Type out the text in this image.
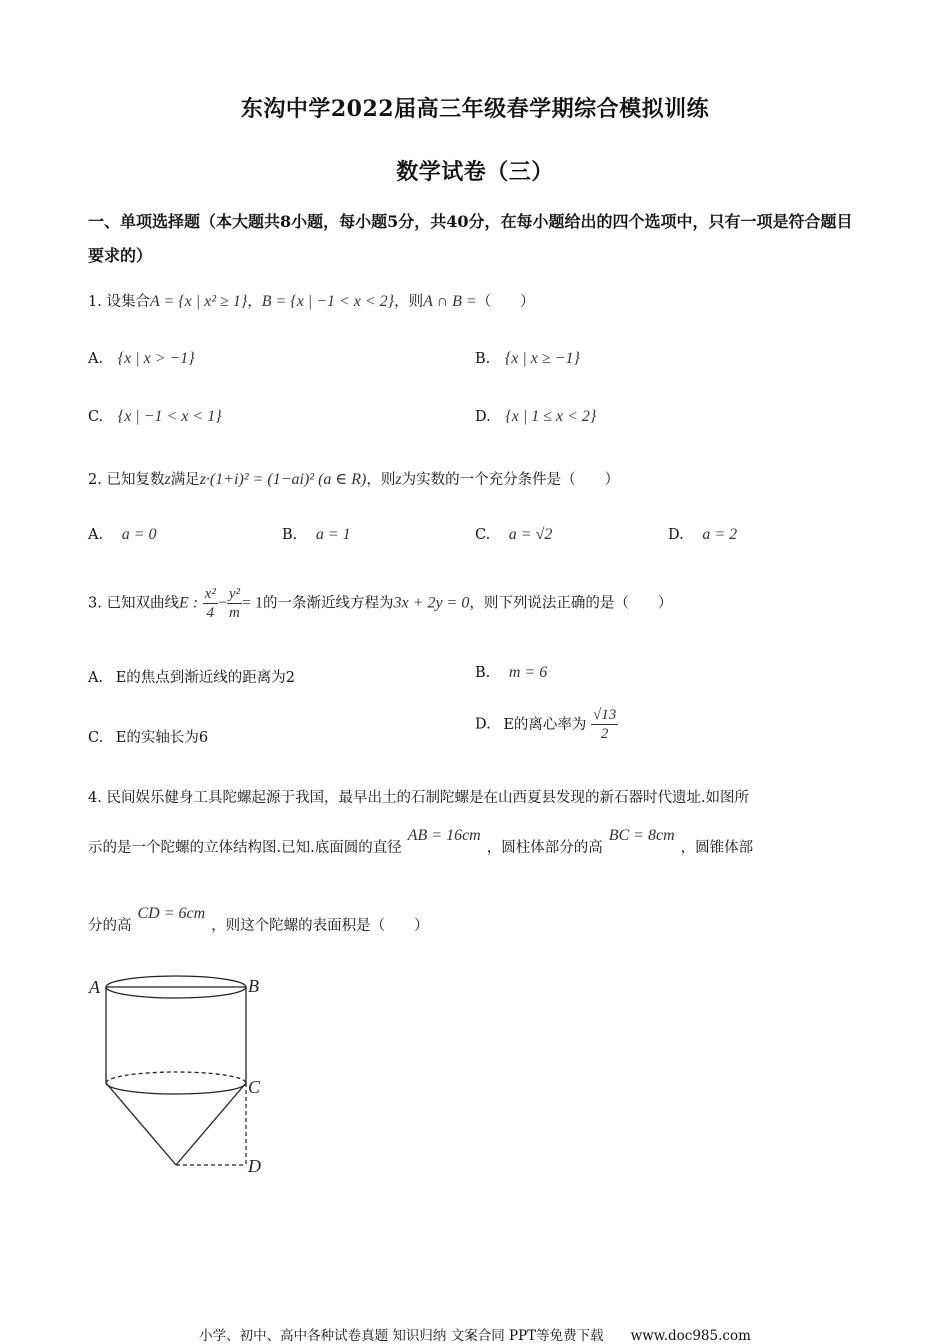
东沟中学2022届高三年级春学期综合模拟训练
数学试卷（三）
一、单项选择题（本大题共8小题，每小题5分，共40分，在每小题给出的四个选项中，只有一项是符合题目要求的）
1. 设集合A = {x | x² ≥ 1}，B = {x | −1 < x < 2}，则A ∩ B =（　　）
A. {x | x > −1}	B. {x | x ≥ −1}
C. {x | −1 < x < 1}	D. {x | 1 ≤ x < 2}
2. 已知复数z满足z·(1+i)² = (1−ai)² (a ∈ R)，则z为实数的一个充分条件是（　　）
A. a = 0	B. a = 1	C. a = √2	D. a = 2
3. 已知双曲线E : $\frac{\text{x²}}{4} - \frac{\text{y²}}{m} = 1$的一条渐近线方程为3x + 2y = 0，则下列说法正确的是（　　）
A. E的焦点到渐近线的距离为2	B. m = 6
C. E的实轴长为6
D. E的离心率为 $\frac{√13}{2}$
4. 民间娱乐健身工具陀螺起源于我国，最早出土的石制陀螺是在山西夏县发现的新石器时代遗址.如图所
示的是一个陀螺的立体结构图.已知.底面圆的直径AB = 16cm，圆柱体部分的高BC = 8cm，圆锥体部
分的高CD = 6cm，则这个陀螺的表面积是（　　）
A	B
C
D
小学、初中、高中各种试卷真题 知识归纳 文案合同 PPT等免费下载　　www.doc985.com
